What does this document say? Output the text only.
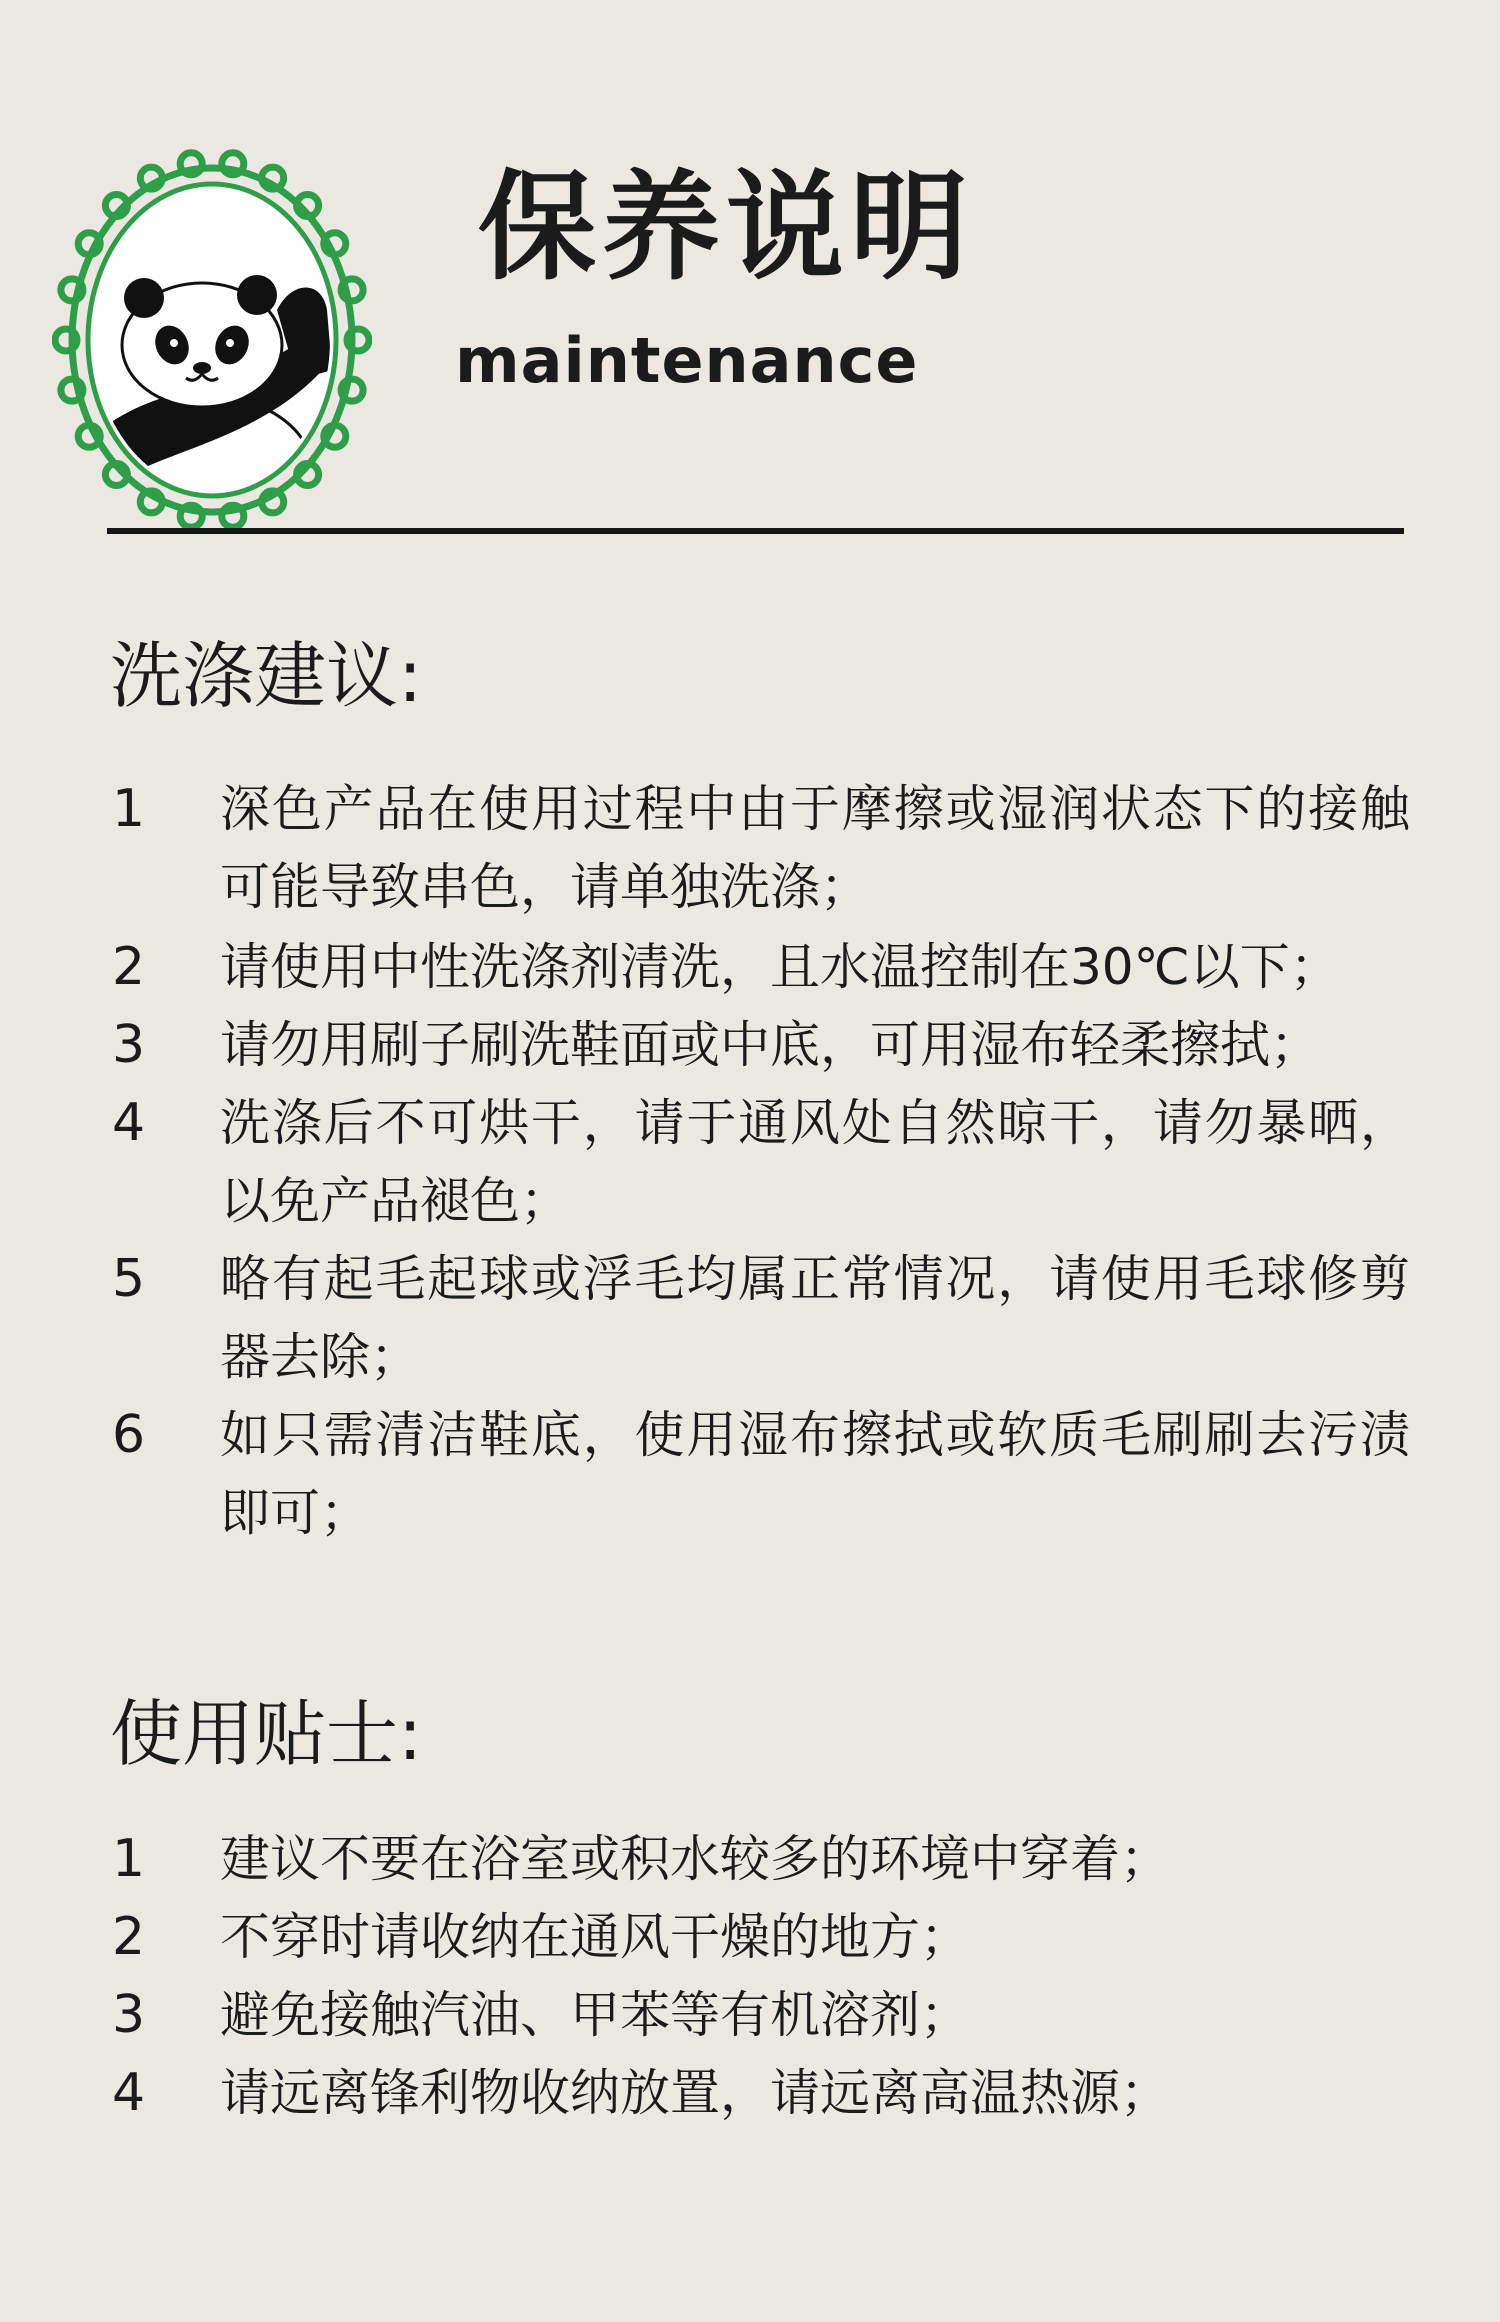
保养说明
maintenance
洗涤建议:
1 深色产品在使用过程中由于摩擦或湿润状态下的接触可能导致串色，请单独洗涤；
2 请使用中性洗涤剂清洗，且水温控制在30℃以下；
3 请勿用刷子刷洗鞋面或中底，可用湿布轻柔擦拭；
4 洗涤后不可烘干，请于通风处自然晾干，请勿暴晒，以免产品褪色；
5 略有起毛起球或浮毛均属正常情况，请使用毛球修剪器去除；
6 如只需清洁鞋底，使用湿布擦拭或软质毛刷刷去污渍即可；
使用贴士:
1 建议不要在浴室或积水较多的环境中穿着；
2 不穿时请收纳在通风干燥的地方；
3 避免接触汽油、甲苯等有机溶剂；
4 请远离锋利物收纳放置，请远离高温热源；
